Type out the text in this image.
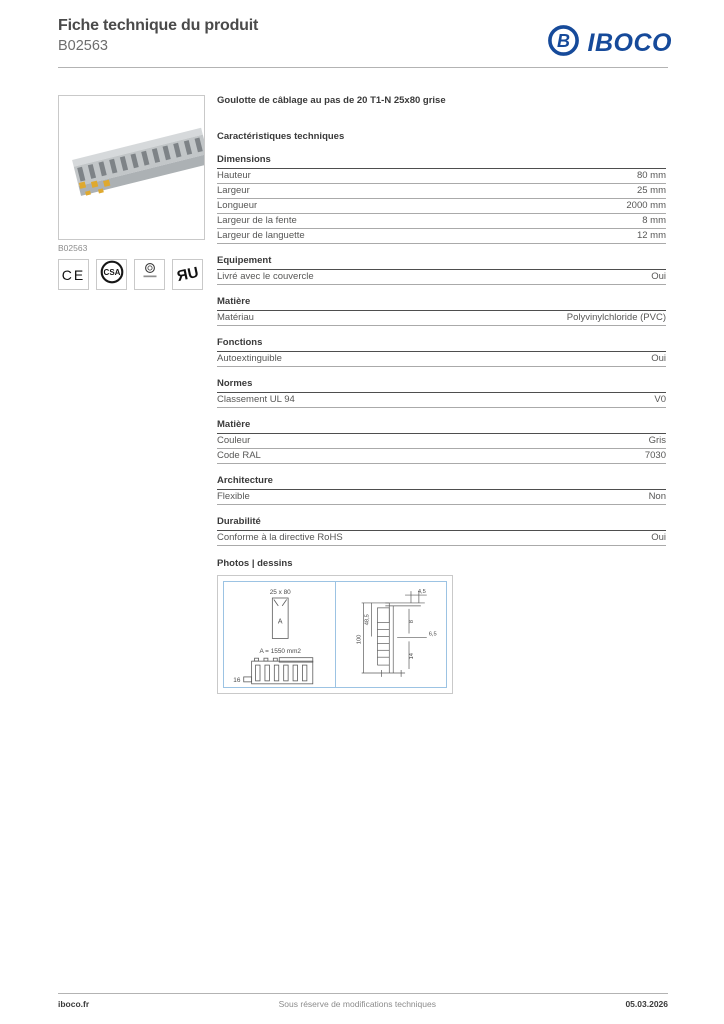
Fiche technique du produit
B02563	B IBOCO
B02563
CE CSA	ЯU
Goulotte de câblage au pas de 20 T1-N 25x80 grise
Caractéristiques techniques
Dimensions
Hauteur	80 mm
Largeur	25 mm
Longueur	2000 mm
Largeur de la fente	8 mm
Largeur de languette	12 mm
Equipement
Livré avec le couvercle	Oui
Matière
Matériau	Polyvinylchloride (PVC)
Fonctions
Autoextinguible	Oui
Normes
Classement UL 94	V0
Matière
Couleur	Gris
Code RAL	7030
Architecture
Flexible	Non
Durabilité
Conforme à la directive RoHS	Oui
Photos | dessins
25 x 80
A
A = 1550 mm2
16
4,5
48,5
100
8
6,5
14
iboco.fr	Sous réserve de modifications techniques	05.03.2026
